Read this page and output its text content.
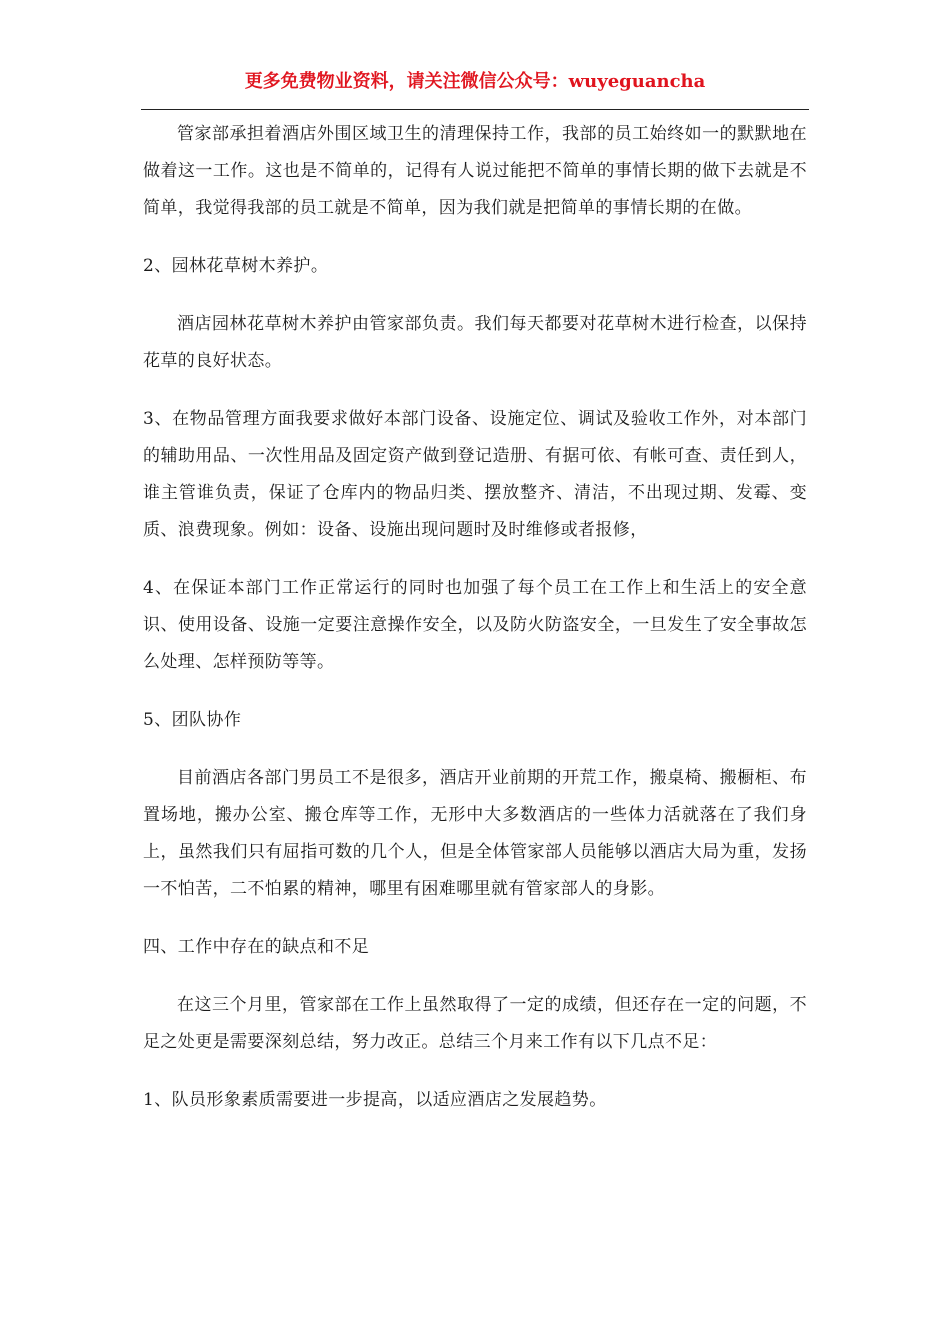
更多免费物业资料，请关注微信公众号：wuyeguancha

管家部承担着酒店外围区域卫生的清理保持工作，我部的员工始终如一的默默地在做着这一工作。这也是不简单的，记得有人说过能把不简单的事情长期的做下去就是不简单，我觉得我部的员工就是不简单，因为我们就是把简单的事情长期的在做。

2、园林花草树木养护。

酒店园林花草树木养护由管家部负责。我们每天都要对花草树木进行检查，以保持花草的良好状态。

3、在物品管理方面我要求做好本部门设备、设施定位、调试及验收工作外，对本部门的辅助用品、一次性用品及固定资产做到登记造册、有据可依、有帐可查、责任到人，谁主管谁负责，保证了仓库内的物品归类、摆放整齐、清洁，不出现过期、发霉、变质、浪费现象。例如：设备、设施出现问题时及时维修或者报修，

4、在保证本部门工作正常运行的同时也加强了每个员工在工作上和生活上的安全意识、使用设备、设施一定要注意操作安全，以及防火防盗安全，一旦发生了安全事故怎么处理、怎样预防等等。

5、团队协作

目前酒店各部门男员工不是很多，酒店开业前期的开荒工作，搬桌椅、搬橱柜、布置场地，搬办公室、搬仓库等工作，无形中大多数酒店的一些体力活就落在了我们身上，虽然我们只有屈指可数的几个人，但是全体管家部人员能够以酒店大局为重，发扬一不怕苦，二不怕累的精神，哪里有困难哪里就有管家部人的身影。

四、工作中存在的缺点和不足

在这三个月里，管家部在工作上虽然取得了一定的成绩，但还存在一定的问题，不足之处更是需要深刻总结，努力改正。总结三个月来工作有以下几点不足：

1、队员形象素质需要进一步提高，以适应酒店之发展趋势。
